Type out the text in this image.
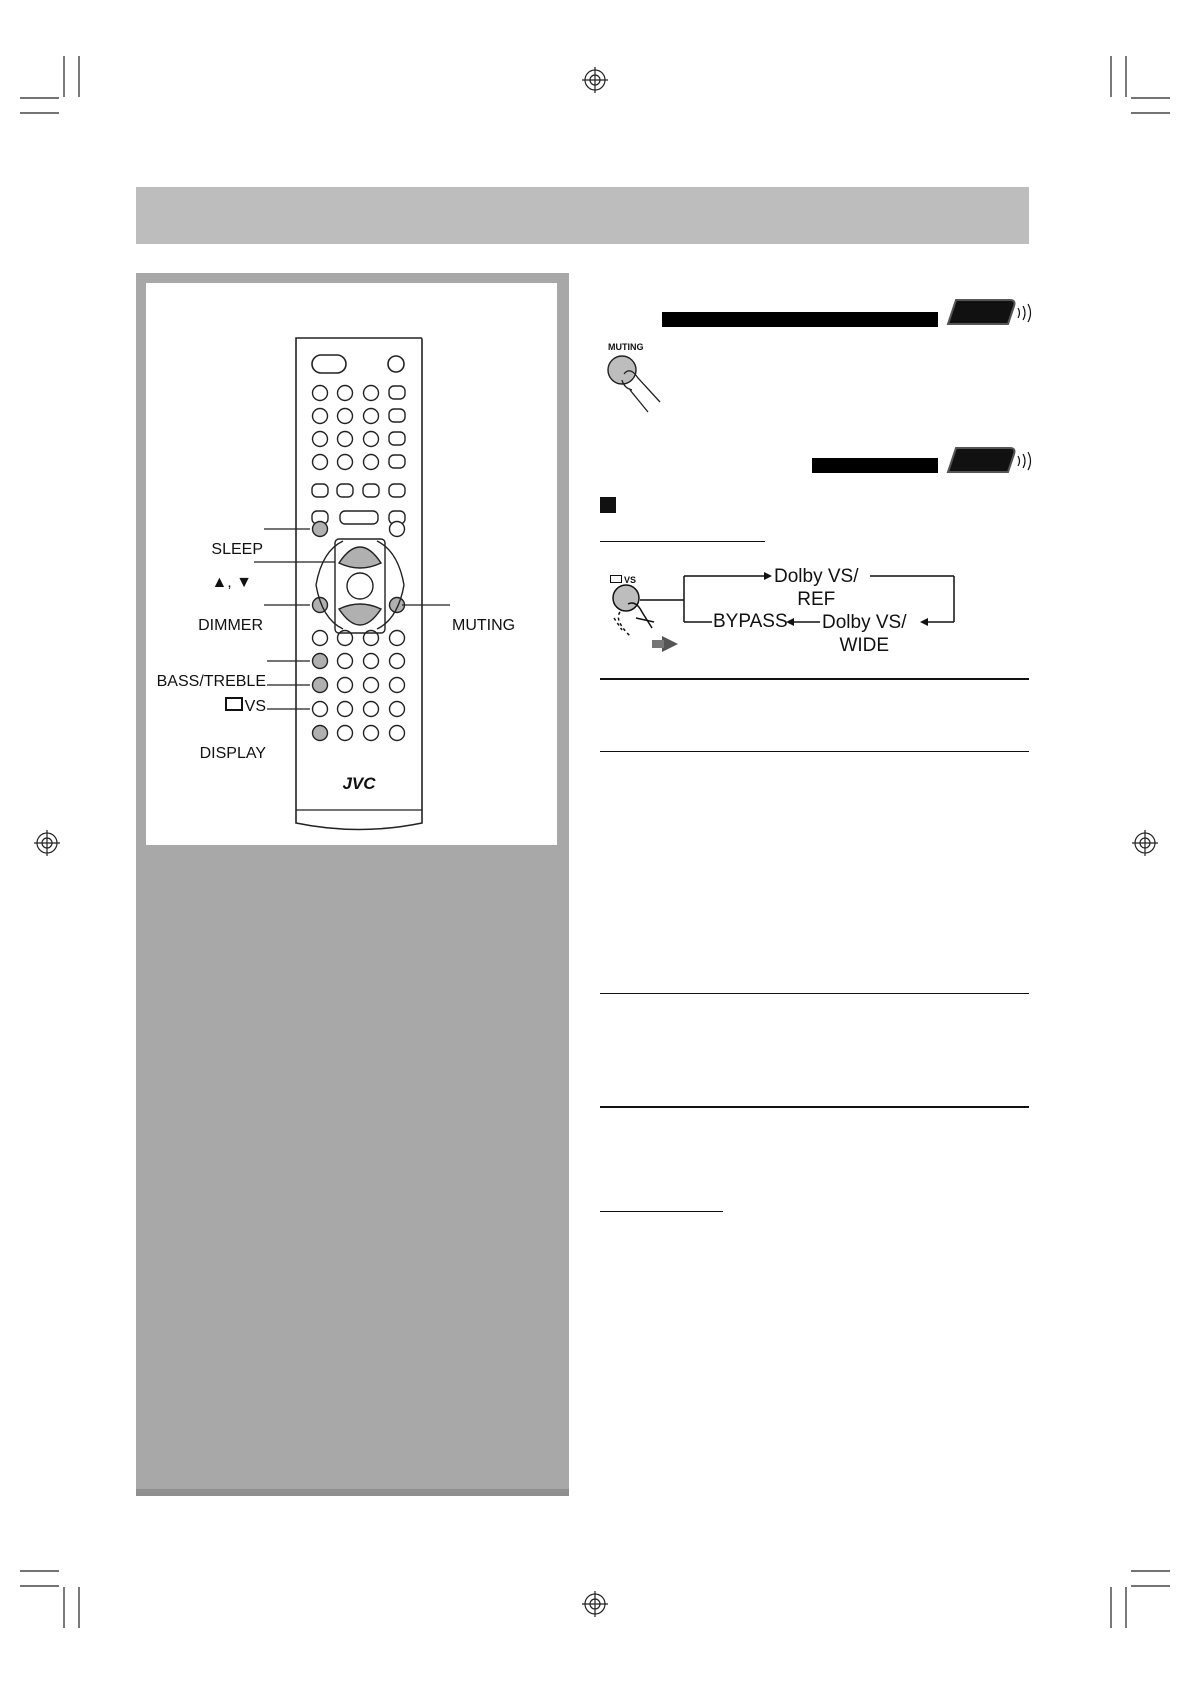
JVC
SLEEP
▲, ▼
DIMMER	MUTING
BASS/TREBLE
VS
DISPLAY
MUTING
VS	Dolby VS/
REF
BYPASS Dolby VS/
WIDE
